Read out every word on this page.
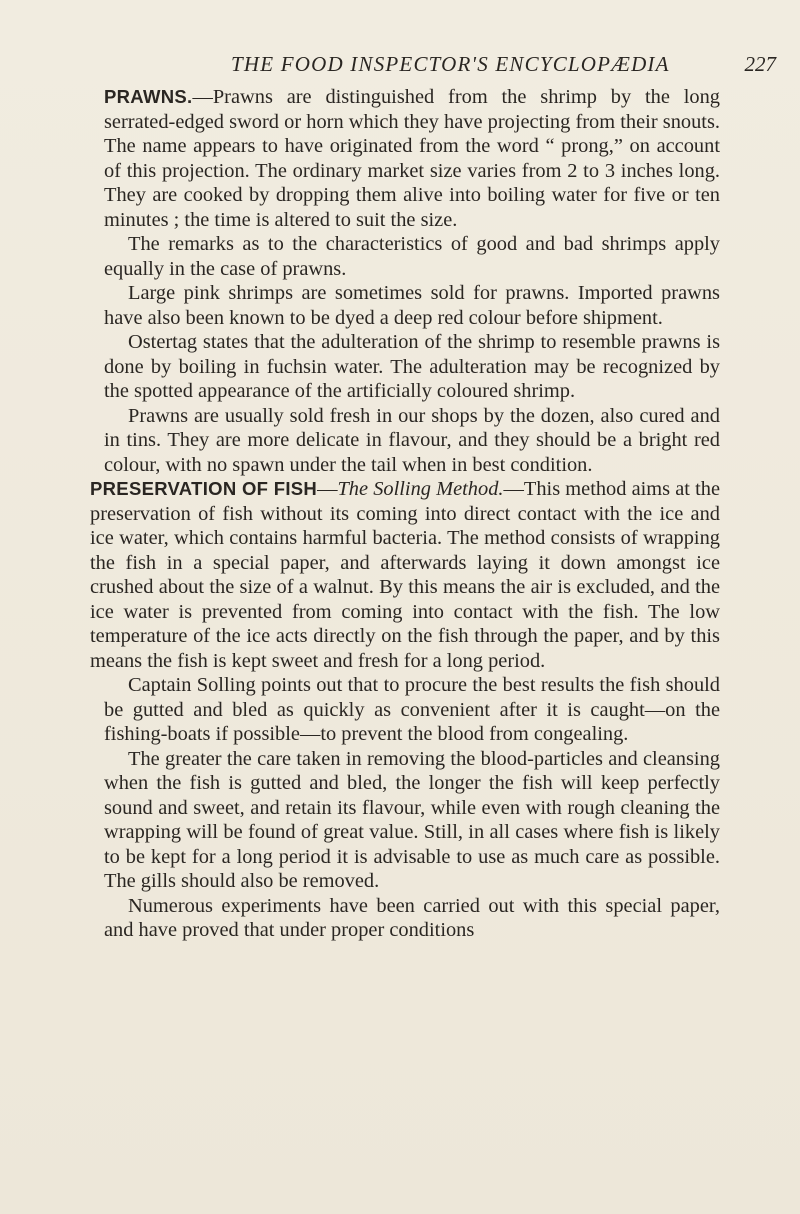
THE FOOD INSPECTOR'S ENCYCLOPÆDIA	227

PRAWNS.—Prawns are distinguished from the shrimp by the long serrated-edged sword or horn which they have projecting from their snouts. The name appears to have originated from the word “ prong,” on account of this projection. The ordinary market size varies from 2 to 3 inches long. They are cooked by dropping them alive into boiling water for five or ten minutes ; the time is altered to suit the size.

The remarks as to the characteristics of good and bad shrimps apply equally in the case of prawns.

Large pink shrimps are sometimes sold for prawns. Imported prawns have also been known to be dyed a deep red colour before shipment.

Ostertag states that the adulteration of the shrimp to resemble prawns is done by boiling in fuchsin water. The adulteration may be recognized by the spotted appearance of the artificially coloured shrimp.

Prawns are usually sold fresh in our shops by the dozen, also cured and in tins. They are more delicate in flavour, and they should be a bright red colour, with no spawn under the tail when in best condition.

PRESERVATION OF FISH—The Solling Method.—This method aims at the preservation of fish without its coming into direct contact with the ice and ice water, which contains harmful bacteria. The method consists of wrapping the fish in a special paper, and afterwards laying it down amongst ice crushed about the size of a walnut. By this means the air is excluded, and the ice water is prevented from coming into contact with the fish. The low temperature of the ice acts directly on the fish through the paper, and by this means the fish is kept sweet and fresh for a long period.

Captain Solling points out that to procure the best results the fish should be gutted and bled as quickly as convenient after it is caught—on the fishing-boats if possible—to prevent the blood from congealing.

The greater the care taken in removing the blood-particles and cleansing when the fish is gutted and bled, the longer the fish will keep perfectly sound and sweet, and retain its flavour, while even with rough cleaning the wrapping will be found of great value. Still, in all cases where fish is likely to be kept for a long period it is advisable to use as much care as possible. The gills should also be removed.

Numerous experiments have been carried out with this special paper, and have proved that under proper conditions
